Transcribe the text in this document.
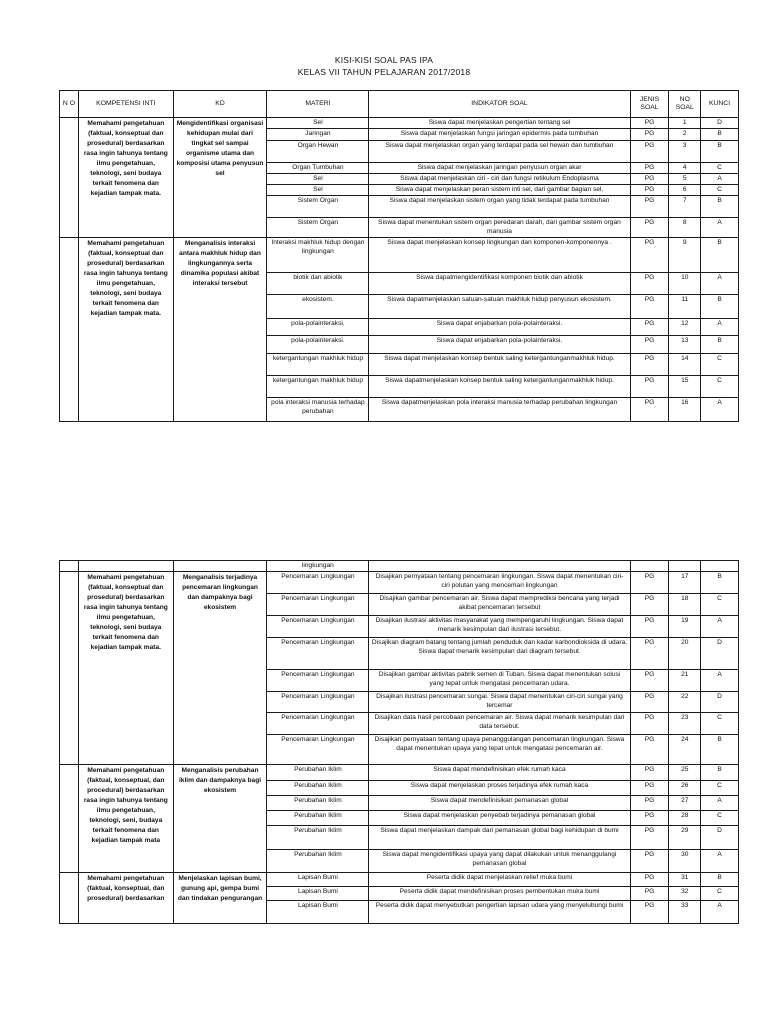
KISI-KISI SOAL PAS IPA
KELAS VII TAHUN PELAJARAN 2017/2018
N O	KOMPETENSI INTI	KD	MATERI	INDIKATOR SOAL	JENIS SOAL	NO SOAL	KUNCI
	Memahami pengetahuan (faktual, konseptual dan prosedural) berdasarkan rasa ingin tahunya tentang ilmu pengetahuan, teknologi, seni budaya terkait fenomena dan kejadian tampak mata.	Mengidentifikasi organisasi kehidupan mulai dari tingkat sel sampai organisme utama dan komposisi utama penyusun sel	Sel	Siswa dapat menjelaskan pengertian tentang sel	PG	1	D
			Jaringan	Siswa dapat menjelaskan fungsi jaringan epidermis pada tumbuhan	PG	2	B
			Organ Hewan	Siswa dapat menjelaskan organ yang terdapat pada sel hewan dan tumbuhan	PG	3	B
			Organ Tumbuhan	Siswa dapat menjelaskan jaringan penyusun organ akar	PG	4	C
			Sel	Siswa dapat menjelaskan ciri - ciri dan fungsi retikulum Endoplasma	PG	5	A
			Sel	Siswa dapat menjelaskan peran sistem inti sel, dari gambar bagian sel.	PG	6	C
			Sistem Organ	Siswa dapat menjelaskan sistem organ yang tidak terdapat pada tumbuhan	PG	7	B
			Sistem Organ	Siswa dapat menentukan sistem organ peredaran darah, dari gambar sistem organ manusia	PG	8	A
	Memahami pengetahuan (faktual, konseptual dan prosedural) berdasarkan rasa ingin tahunya tentang ilmu pengetahuan, teknologi, seni budaya terkait fenomena dan kejadian tampak mata.	Menganalisis interaksi antara makhluk hidup dan lingkungannya serta dinamika populasi akibat interaksi tersebut	Interaksi makhluk hidup dengan lingkungan	Siswa dapat menjelaskan konsep lingkungan dan komponen-komponennya .	PG	9	B
			biotik dan abiotik	Siswa dapatmengidentifikasi komponen biotik dan abiotik	PG	10	A
			ekosistem.	Siswa dapatmenjelaskan satuan-satuan makhluk hidup penyusun ekosistem.	PG	11	B
			pola-polainteraksi.	Siswa dapat enjabarkan pola-polainteraksi.	PG	12	A
			pola-polainteraksi.	Siswa dapat enjabarkan pola-polainteraksi.	PG	13	B
			ketergantungan makhluk hidup	Siswa dapat menjelaskan konsep bentuk saling ketergantunganmakhluk hidup.	PG	14	C
			ketergantungan makhluk hidup	Siswa dapatmenjelaskan konsep bentuk saling ketergantunganmakhluk hidup.	PG	15	C
			pola interaksi manusia terhadap perubahan	Siswa dapatmenjelaskan pola interaksi manusia terhadap perubahan lingkungan	PG	16	A
			lingkungan				
	Memahami pengetahuan (faktual, konseptual dan prosedural) berdasarkan rasa ingin tahunya tentang ilmu pengetahuan, teknologi, seni budaya terkait fenomena dan kejadian tampak mata.	Menganalisis terjadinya pencemaran lingkungan dan dampaknya bagi ekosistem	Pencemaran Lingkungan	Disajikan pernyataan tentang pencemaran lingkungan. Siswa dapat menentukan ciri-ciri polutan yang mencemari lingkungan	PG	17	B
			Pencemaran Lingkungan	Disajikan gambar pencemaran air. Siswa dapat memprediksi bencana yang terjadi akibat pencemaran tersebut	PG	18	C
			Pencemaran Lingkungan	Disajikan ilustrasi aktivitas masyarakat yang mempengaruhi lingkungan. Siswa dapat menarik kesimpulan dari ilustrasi tersebut.	PG	19	A
			Pencemaran Lingkungan	Disajikan diagram batang tentang jumlah penduduk dan kadar karbondioksida di udara. Siswa dapat menarik kesimpulan dari diagram tersebut.	PG	20	D
			Pencemaran Lingkungan	Disajikan gambar aktivitas pabrik semen di Tuban. Siswa dapat menentukan solusi yang tepat untuk mengatasi pencemaran udara.	PG	21	A
			Pencemaran Lingkungan	Disajikan ilustrasi pencemaran sungai. Siswa dapat menentukan ciri-ciri sungai yang tercemar	PG	22	D
			Pencemaran Lingkungan	Disajikan data hasil percobaan pencemaran air. Siswa dapat menarik kesimpulan dari data tersebut.	PG	23	C
			Pencemaran Lingkungan	Disajikan pernyataan tentang upaya penanggulangan pencemaran lingkungan. Siswa dapat menentukan upaya yang tepat untuk mengatasi pencemaran air.	PG	24	B
	Memahami pengetahuan (faktual, konseptual, dan procedural) berdasarkan rasa ingin tahunya tentang ilmu pengetahuan, teknologi, seni, budaya terkait fenomena dan kejadian tampak mata	Menganalisis perubahan iklim dan dampaknya bagi ekosistem	Perubahan Iklim	Siswa dapat mendefinisikan efek rumah kaca	PG	25	B
			Perubahan Iklim	Siswa dapat menjelaskan proses terjadinya efek rumah kaca	PG	26	C
			Perubahan Iklim	Siswa dapat mendefinisikan pemanasan global	PG	27	A
			Perubahan Iklim	Siswa dapat menjelaskan penyebab terjadinya pemanasan global	PG	28	C
			Perubahan Iklim	Siswa dapat menjelaskan dampak dari pemanasan global bagi kehidupan di bumi	PG	29	D
			Perubahan Iklim	Siswa dapat mengidentifikasi upaya yang dapat dilakukan untuk menanggulangi pemanasan global	PG	30	A
	Memahami pengetahuan (faktual, konseptual, dan prosedural) berdasarkan	Menjelaskan lapisan bumi, gunung api, gempa bumi dan tindakan pengurangan	Lapisan Bumi	Peserta didik dapat menjelaskan relief muka bumi	PG	31	B
			Lapisan Bumi	Peserta didik dapat mendefinisikan proses pembentukan muka bumi	PG	32	C
			Lapisan Bumi	Peserta didik dapat menyebutkan pengertian lapisan udara yang menyelubungi bumi	PG	33	A
